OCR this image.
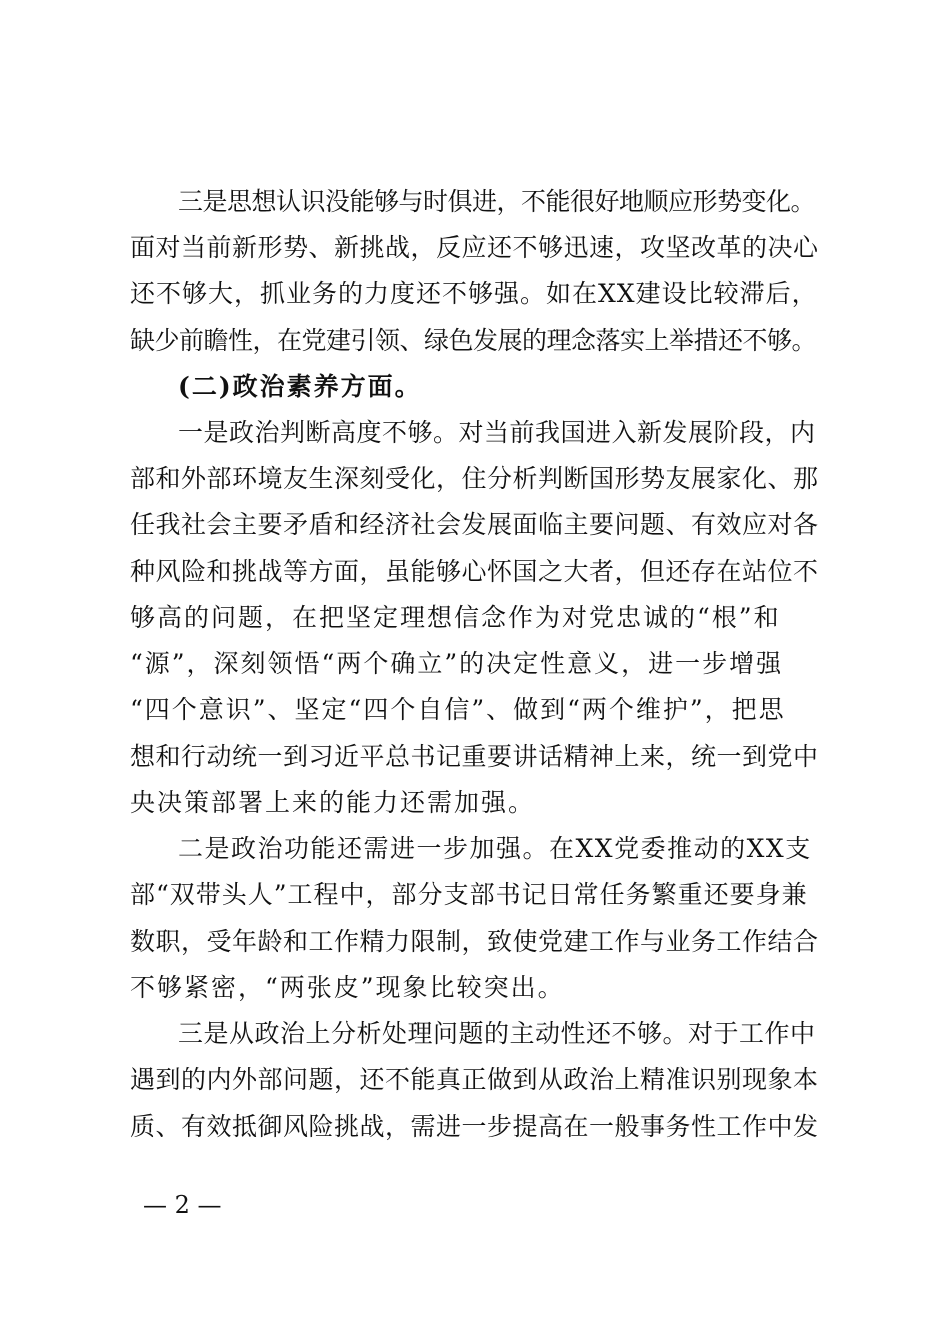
三是思想认识没能够与时俱进，不能很好地顺应形势变化。
面对当前新形势、新挑战，反应还不够迅速，攻坚改革的决心
还不够大，抓业务的力度还不够强。如在XX建设比较滞后，
缺少前瞻性，在党建引领、绿色发展的理念落实上举措还不够。
(二)政治素养方面。
一是政治判断高度不够。对当前我国进入新发展阶段，内
部和外部环境友生深刻受化，住分析判断国形势友展家化、那
任我社会主要矛盾和经济社会发展面临主要问题、有效应对各
种风险和挑战等方面，虽能够心怀国之大者，但还存在站位不
够高的问题，在把坚定理想信念作为对党忠诚的“根”和
“源”，深刻领悟“两个确立”的决定性意义，进一步增强
“四个意识”、坚定“四个自信”、做到“两个维护”，把思
想和行动统一到习近平总书记重要讲话精神上来，统一到党中
央决策部署上来的能力还需加强。
二是政治功能还需进一步加强。在XX党委推动的XX支
部“双带头人”工程中，部分支部书记日常任务繁重还要身兼
数职，受年龄和工作精力限制，致使党建工作与业务工作结合
不够紧密，“两张皮”现象比较突出。
三是从政治上分析处理问题的主动性还不够。对于工作中
遇到的内外部问题，还不能真正做到从政治上精准识别现象本
质、有效抵御风险挑战，需进一步提高在一般事务性工作中发
— 2 —
